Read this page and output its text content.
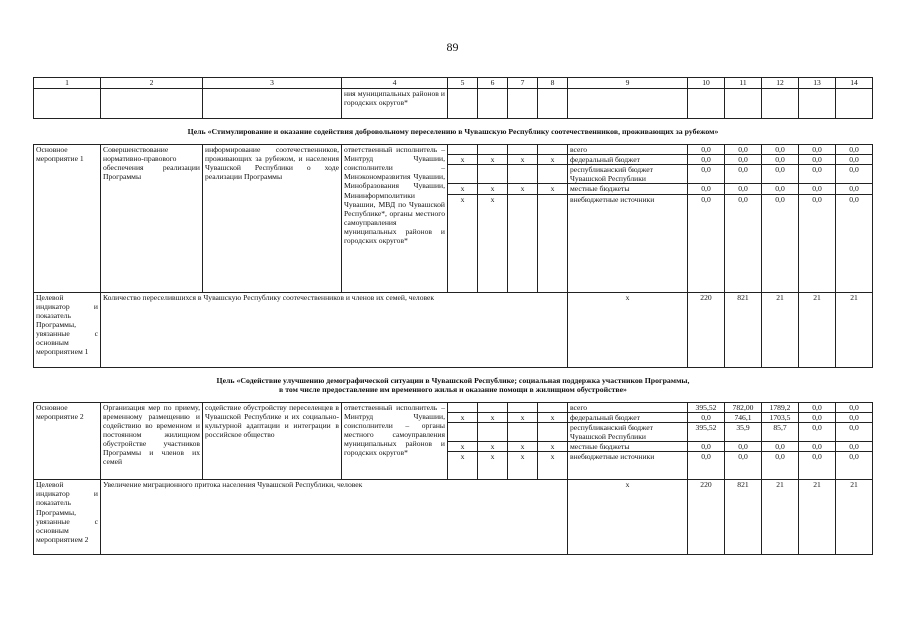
89
1	2	3	4	5	6	7	8	9	10	11	12	13	14
			ния муниципальных районов и городских округов*										
Цель «Стимулирование и оказание содействия добровольному переселению в Чувашскую Республику соотечественников, проживающих за рубежом»													
Основное мероприятие 1	Совершенствование нормативно-правового обеспечения реализации Программы	информирование соотечественников, проживающих за рубежом, и населения Чувашской Республики о ходе реализации Программы	ответственный исполнитель – Минтруд Чувашии, соисполнители – Минэкономразвития Чувашии, Минобразования Чувашии, Мининформполитики Чувашии, МВД по Чувашской Республике*, органы местного самоуправления муниципальных районов и городских округов*					всего	0,0	0,0	0,0	0,0	0,0
				x	x	x	x	федеральный бюджет	0,0	0,0	0,0	0,0	0,0
								республиканский бюджет Чувашской Республики	0,0	0,0	0,0	0,0	0,0
				x	x	x	x	местные бюджеты	0,0	0,0	0,0	0,0	0,0
				x	x			внебюджетные источники	0,0	0,0	0,0	0,0	0,0
Целевой индикатор и показатель Программы, увязанные с основным мероприятием 1	Количество переселившихся в Чувашскую Республику соотечественников и членов их семей, человек							x	220	821	21	21	21

Цель «Содействие улучшению демографической ситуации в Чувашской Республике; социальная поддержка участников Программы,
в том числе предоставление им временного жилья и оказание помощи в жилищном обустройстве»													

Основное мероприятие 2	Организация мер по приему, временному размещению и содействию во временном и постоянном жилищном обустройстве участников Программы и членов их семей	содействие обустройству переселенцев в Чувашской Республике и их социально-культурной адаптации и интеграции в российское общество	ответственный исполнитель – Минтруд Чувашии, соисполнители – органы местного самоуправления муниципальных районов и городских округов*					всего	395,52	782,00	1789,2	0,0	0,0
				x	x	x	x	федеральный бюджет	0,0	746,1	1703,5	0,0	0,0
								республиканский бюджет Чувашской Республики	395,52	35,9	85,7	0,0	0,0
				x	x	x	x	местные бюджеты	0,0	0,0	0,0	0,0	0,0
				x	x	x	x	внебюджетные источники	0,0	0,0	0,0	0,0	0,0
Целевой индикатор и показатель Программы, увязанные с основным мероприятием 2	Увеличение миграционного притока населения Чувашской Республики, человек							x	220	821	21	21	21
